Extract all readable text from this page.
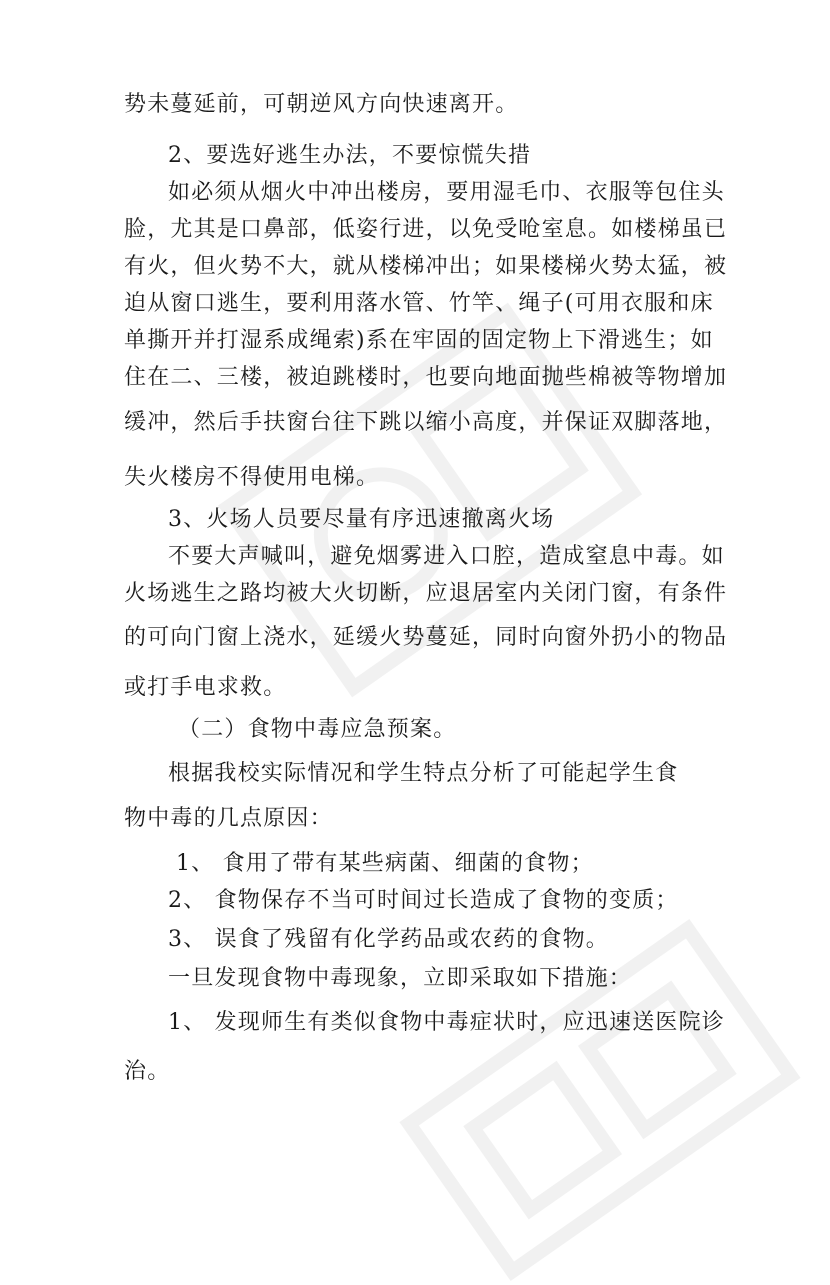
势未蔓延前，可朝逆风方向快速离开。
2、要选好逃生办法，不要惊慌失措
如必须从烟火中冲出楼房，要用湿毛巾、衣服等包住头
脸，尤其是口鼻部，低姿行进，以免受呛室息。如楼梯虽已
有火，但火势不大，就从楼梯冲出；如果楼梯火势太猛，被
迫从窗口逃生，要利用落水管、竹竿、绳子(可用衣服和床
单撕开并打湿系成绳索)系在牢固的固定物上下滑逃生；如
住在二、三楼，被迫跳楼时，也要向地面抛些棉被等物增加
缓冲，然后手扶窗台往下跳以缩小高度，并保证双脚落地，
失火楼房不得使用电梯。
3、火场人员要尽量有序迅速撤离火场
不要大声喊叫，避免烟雾进入口腔，造成窒息中毒。如
火场逃生之路均被大火切断，应退居室内关闭门窗，有条件
的可向门窗上浇水，延缓火势蔓延，同时向窗外扔小的物品
或打手电求救。
（二）食物中毒应急预案。
根据我校实际情况和学生特点分析了可能起学生食
物中毒的几点原因：
1、 食用了带有某些病菌、细菌的食物；
2、 食物保存不当可时间过长造成了食物的变质；
3、 误食了残留有化学药品或农药的食物。
一旦发现食物中毒现象，立即采取如下措施：
1、 发现师生有类似食物中毒症状时，应迅速送医院诊
治。
